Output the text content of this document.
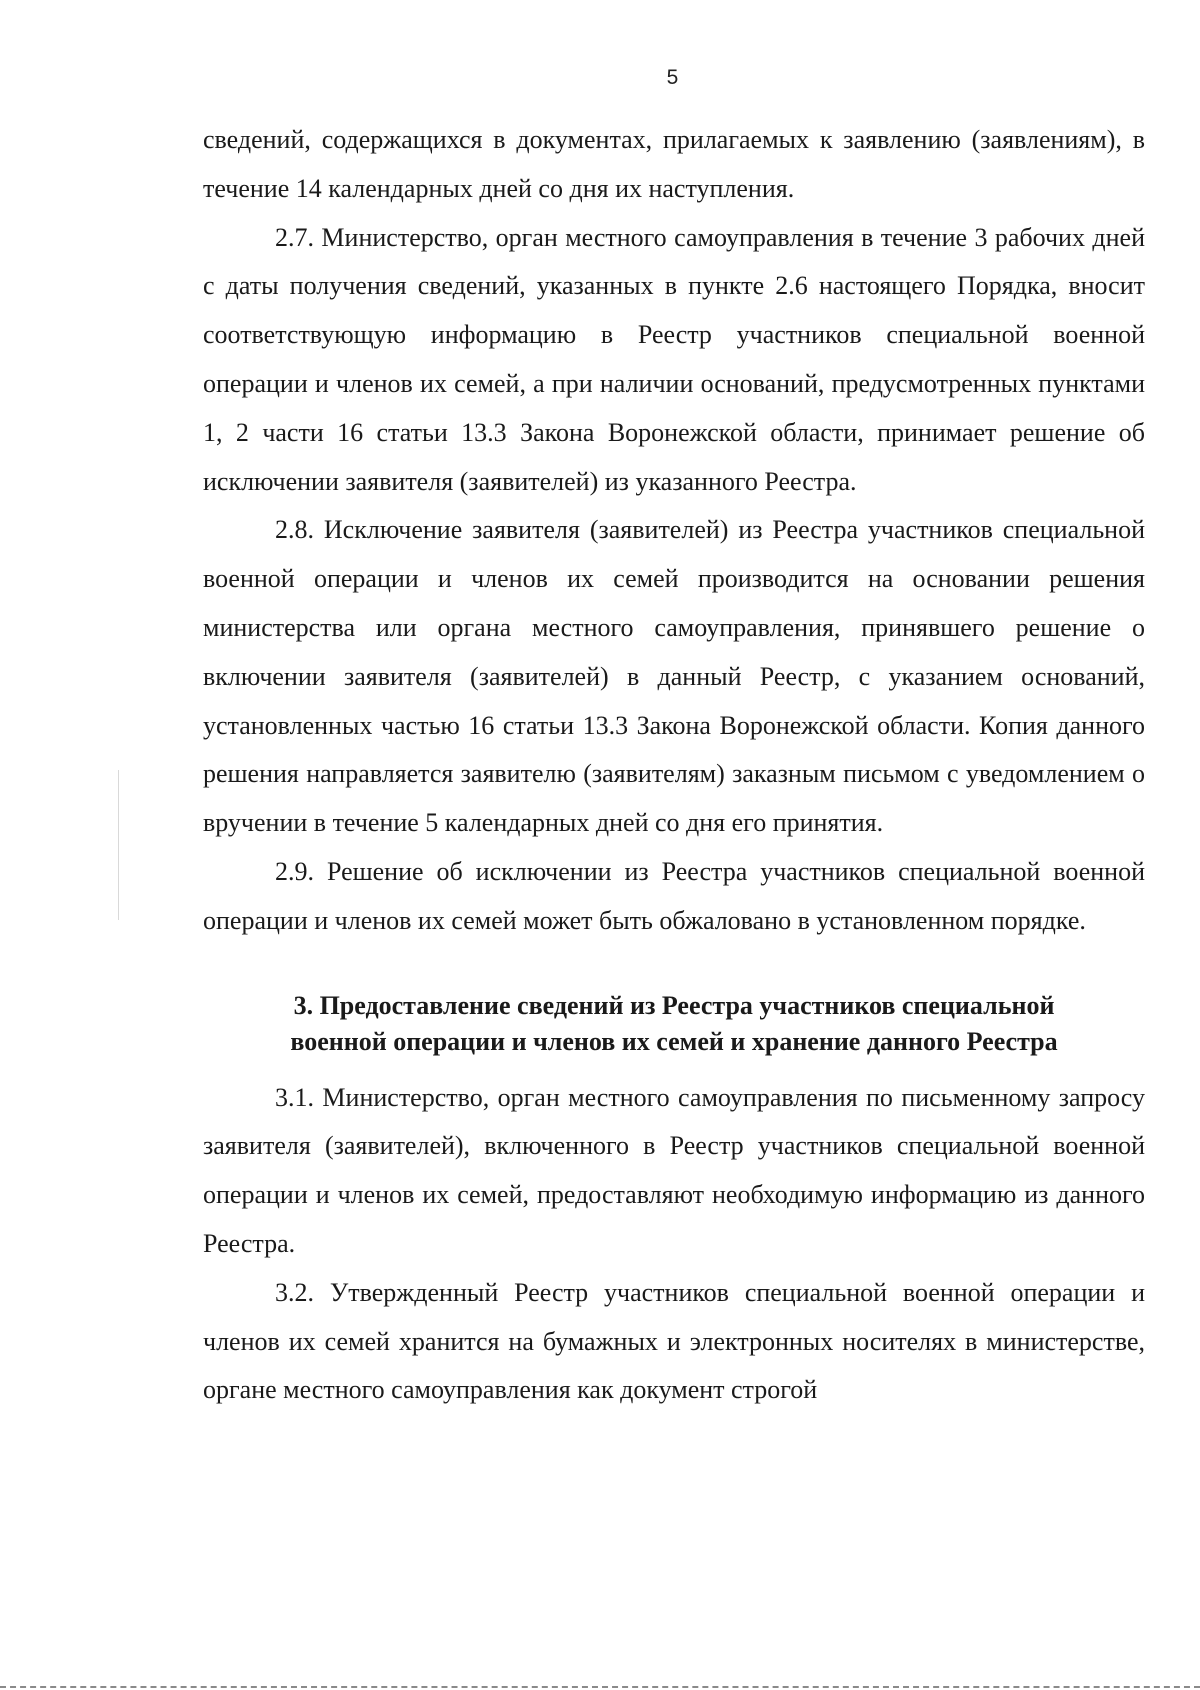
5

сведений, содержащихся в документах, прилагаемых к заявлению (заявлениям), в течение 14 календарных дней со дня их наступления.

2.7. Министерство, орган местного самоуправления в течение 3 рабочих дней с даты получения сведений, указанных в пункте 2.6 настоящего Порядка, вносит соответствующую информацию в Реестр участников специальной военной операции и членов их семей, а при наличии оснований, предусмотренных пунктами 1, 2 части 16 статьи 13.3 Закона Воронежской области, принимает решение об исключении заявителя (заявителей) из указанного Реестра.

2.8. Исключение заявителя (заявителей) из Реестра участников специальной военной операции и членов их семей производится на основании решения министерства или органа местного самоуправления, принявшего решение о включении заявителя (заявителей) в данный Реестр, с указанием оснований, установленных частью 16 статьи 13.3 Закона Воронежской области. Копия данного решения направляется заявителю (заявителям) заказным письмом с уведомлением о вручении в течение 5 календарных дней со дня его принятия.

2.9. Решение об исключении из Реестра участников специальной военной операции и членов их семей может быть обжаловано в установленном порядке.

3. Предоставление сведений из Реестра участников специальной
военной операции и членов их семей и хранение данного Реестра

3.1. Министерство, орган местного самоуправления по письменному запросу заявителя (заявителей), включенного в Реестр участников специальной военной операции и членов их семей, предоставляют необходимую информацию из данного Реестра.

3.2. Утвержденный Реестр участников специальной военной операции и членов их семей хранится на бумажных и электронных носителях в министерстве, органе местного самоуправления как документ строгой
